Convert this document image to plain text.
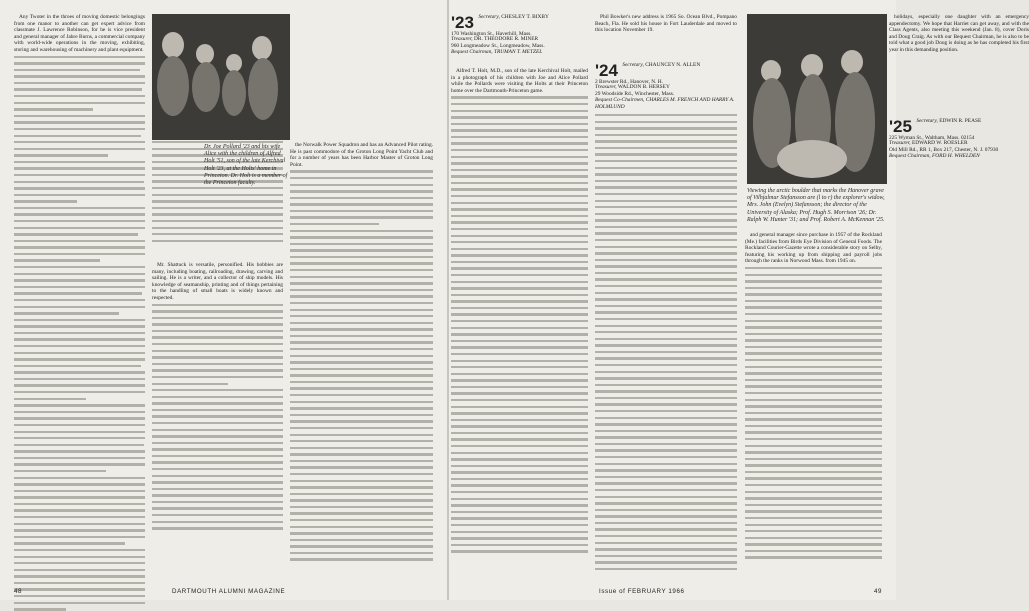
Any Twoter in the throes of moving domestic belongings from one manor to another can get expert advice from classmate J. Lawrence Robinson, for he is vice president and general manager of Jahre Burns, a commercial company with world-wide operations in the moving, exhibiting, storing and warehousing of machinery and plant equipment.

Mr. Shattuck is versatile, personified. His hobbies are many, including boating, railroading, drawing, carving and sailing. He is a writer, and a collector of ship models. His knowledge of seamanship, printing and of things pertaining to the handling of small boats is widely known and respected.

Dr. Joe Pollard '23 and his wife Alice with the children of Alfred Holt '51, son of the late Kerchival Holt '23, at the Holts' home in Princeton. Dr. Holt is a member of the Princeton faculty.

the Norwalk Power Squadron and has an Advanced Pilot rating. He is past commodore of the Groton Long Point Yacht Club and for a number of years has been Harbor Master of Groton Long Point.

48	DARTMOUTH ALUMNI MAGAZINE
'23 Secretary, CHESLEY T. BIXBY
170 Washington St., Haverhill, Mass.
Treasurer, DR. THEODORE R. MINER
960 Longmeadow St., Longmeadow, Mass.
Bequest Chairman, TRUMAN T. METZEL

Alfred T. Holt, M.D., son of the late Kerchival Holt, mailed in a photograph of his children with Joe and Alice Pollard while the Pollards were visiting the Holts at their Princeton home over the Dartmouth-Princeton game.

Phil Bowker's new address is 1965 So. Ocean Blvd., Pompano Beach, Fla. He sold his house in Fort Lauderdale and moved to this location November 19.

'24 Secretary, CHAUNCEY N. ALLEN
2 Brewster Rd., Hanover, N. H.
Treasurer, WALDON B. HERSEY
29 Woodside Rd., Winchester, Mass.
Bequest Co-Chairmen, CHARLES M. FRENCH AND HARRY A. HOLMLUND
Viewing the arctic boulder that marks the Hanover grave of Vilhjalmur Stefansson are (l to r) the explorer's widow, Mrs. John (Evelyn) Stefansson; the director of the University of Alaska; Prof. Hugh S. Morrison '26; Dr. Ralph W. Hunter '31; and Prof. Robert A. McKennan '25.

and general manager since purchase in 1957 of the Rockland (Me.) facilities from Birds Eye Division of General Foods. The Rockland Courier-Gazette wrote a considerable story on Selby, featuring his working up from shipping and payroll jobs through the ranks in Norwood Mass. from 1945 on.

holidays, especially one daughter with an emergency appendectomy. We hope that Harriet can get away, and with the Class Agents, also meeting this weekend (Jan. 8), cover Doris and Doug Craig. As with our Bequest Chairman, he is also to be told what a good job Doug is doing as he has completed his first year in this demanding position.

'25 Secretary, EDWIN R. PEASE
225 Wyman St., Waltham, Mass. 02154
Treasurer, EDWARD W. ROESLER
Old Mill Rd., RR 1, Box 217, Chester, N. J. 07930
Bequest Chairman, FORD H. WHELDEN
Issue of FEBRUARY 1966	49
